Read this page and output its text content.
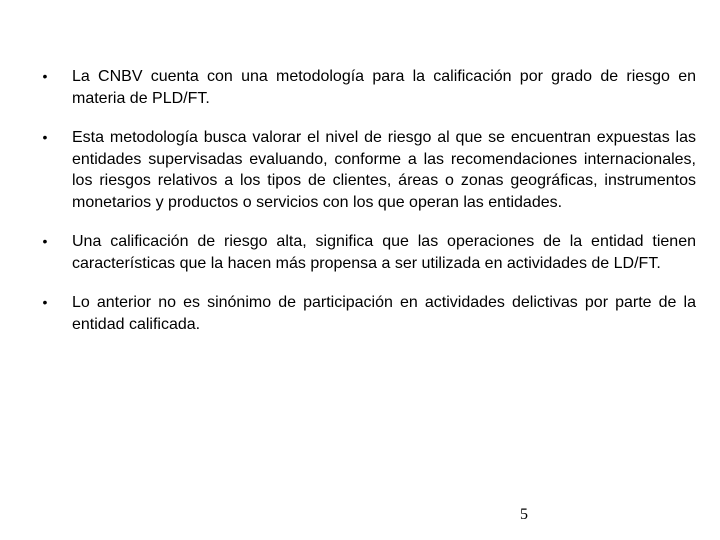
• La CNBV cuenta con una metodología para la calificación por grado de riesgo en materia de PLD/FT.
• Esta metodología busca valorar el nivel de riesgo al que se encuentran expuestas las entidades supervisadas evaluando, conforme a las recomendaciones internacionales, los riesgos relativos a los tipos de clientes, áreas o zonas geográficas, instrumentos monetarios y productos o servicios con los que operan las entidades.
• Una calificación de riesgo alta, significa que las operaciones de la entidad tienen características que la hacen más propensa a ser utilizada en actividades de LD/FT.
• Lo anterior no es sinónimo de participación en actividades delictivas por parte de la entidad calificada.
5
